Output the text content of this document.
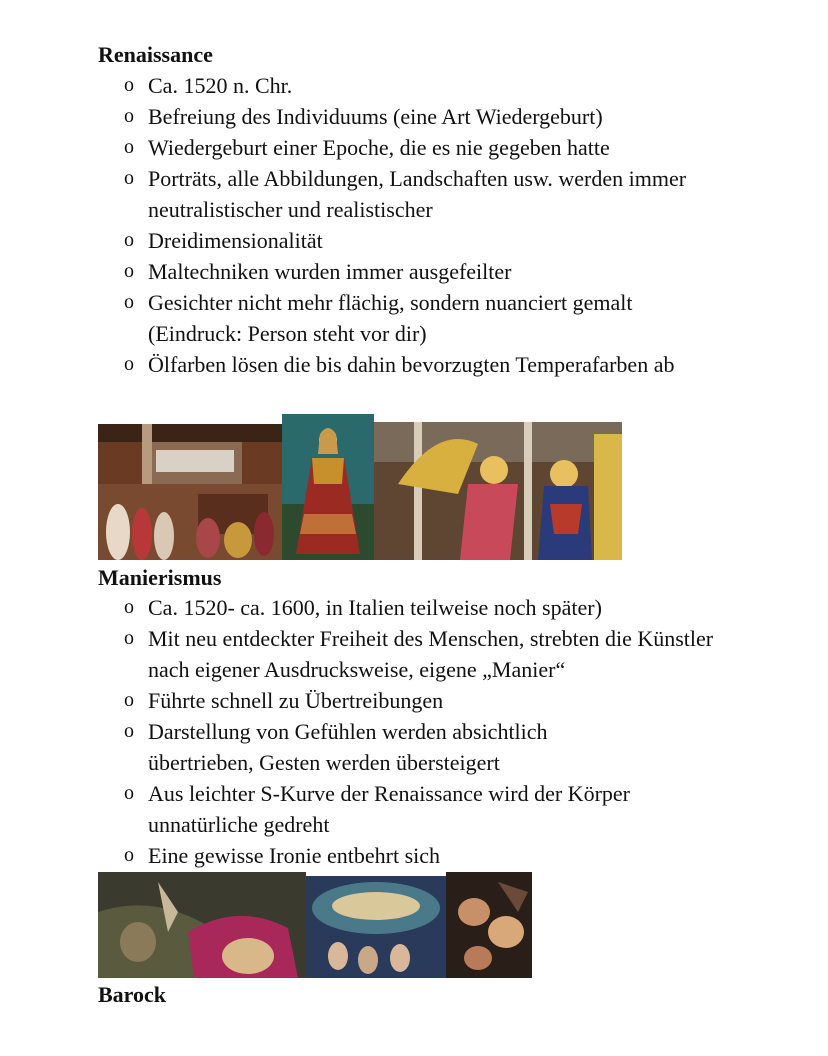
Renaissance
o Ca. 1520 n. Chr.
o Befreiung des Individuums (eine Art Wiedergeburt)
o Wiedergeburt einer Epoche, die es nie gegeben hatte
o Porträts, alle Abbildungen, Landschaften usw. werden immer neutralistischer und realistischer
o Dreidimensionalität
o Maltechniken wurden immer ausgefeilter
o Gesichter nicht mehr flächig, sondern nuanciert gemalt (Eindruck: Person steht vor dir)
o Ölfarben lösen die bis dahin bevorzugten Temperafarben ab
Manierismus
o Ca. 1520- ca. 1600, in Italien teilweise noch später)
o Mit neu entdeckter Freiheit des Menschen, strebten die Künstler nach eigener Ausdrucksweise, eigene „Manier“
o Führte schnell zu Übertreibungen
o Darstellung von Gefühlen werden absichtlich übertrieben, Gesten werden übersteigert
o Aus leichter S-Kurve der Renaissance wird der Körper unnatürliche gedreht
o Eine gewisse Ironie entbehrt sich
Barock
